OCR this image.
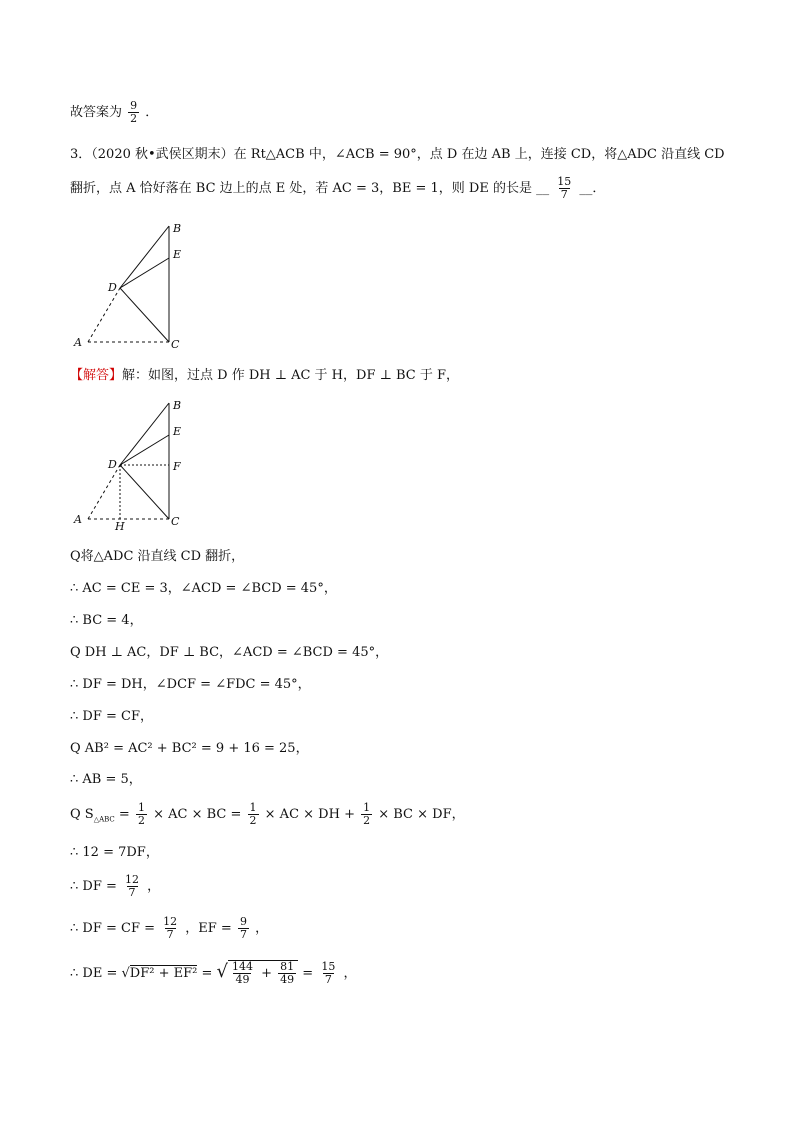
故答案为 $\frac{9}{2}$ ．
3．（2020 秋•武侯区期末）在 Rt△ACB 中，∠ACB = 90°，点 D 在边 AB 上，连接 CD，将△ADC 沿直线 CD
翻折，点 A 恰好落在 BC 边上的点 E 处，若 AC = 3，BE = 1，则 DE 的长是 __ $\frac{15}{7}$ __．
B
E
D
A	C
【解答】解：如图，过点 D 作 DH ⊥ AC 于 H，DF ⊥ BC 于 F，
B
E
D	F
A
H	C
Q将△ADC 沿直线 CD 翻折，
∴ AC = CE = 3，∠ACD = ∠BCD = 45°，
∴ BC = 4，
Q DH ⊥ AC，DF ⊥ BC，∠ACD = ∠BCD = 45°，
∴ DF = DH，∠DCF = ∠FDC = 45°，
∴ DF = CF，
Q AB² = AC² + BC² = 9 + 16 = 25，
∴ AB = 5，
Q $S_{\triangle ABC} = \frac{1}{2}$ × AC × BC = $\frac{1}{2}$ × AC × DH + $\frac{1}{2}$ × BC × DF，
∴ 12 = 7DF，
∴ DF = $\frac{12}{7}$ ，
∴ DF = CF = $\frac{12}{7}$ ，EF = $\frac{9}{7}$ ，
∴ DE = √DF² + EF² = √ $\frac{144}{49} + \frac{81}{49} = \frac{15}{7}$ ，
